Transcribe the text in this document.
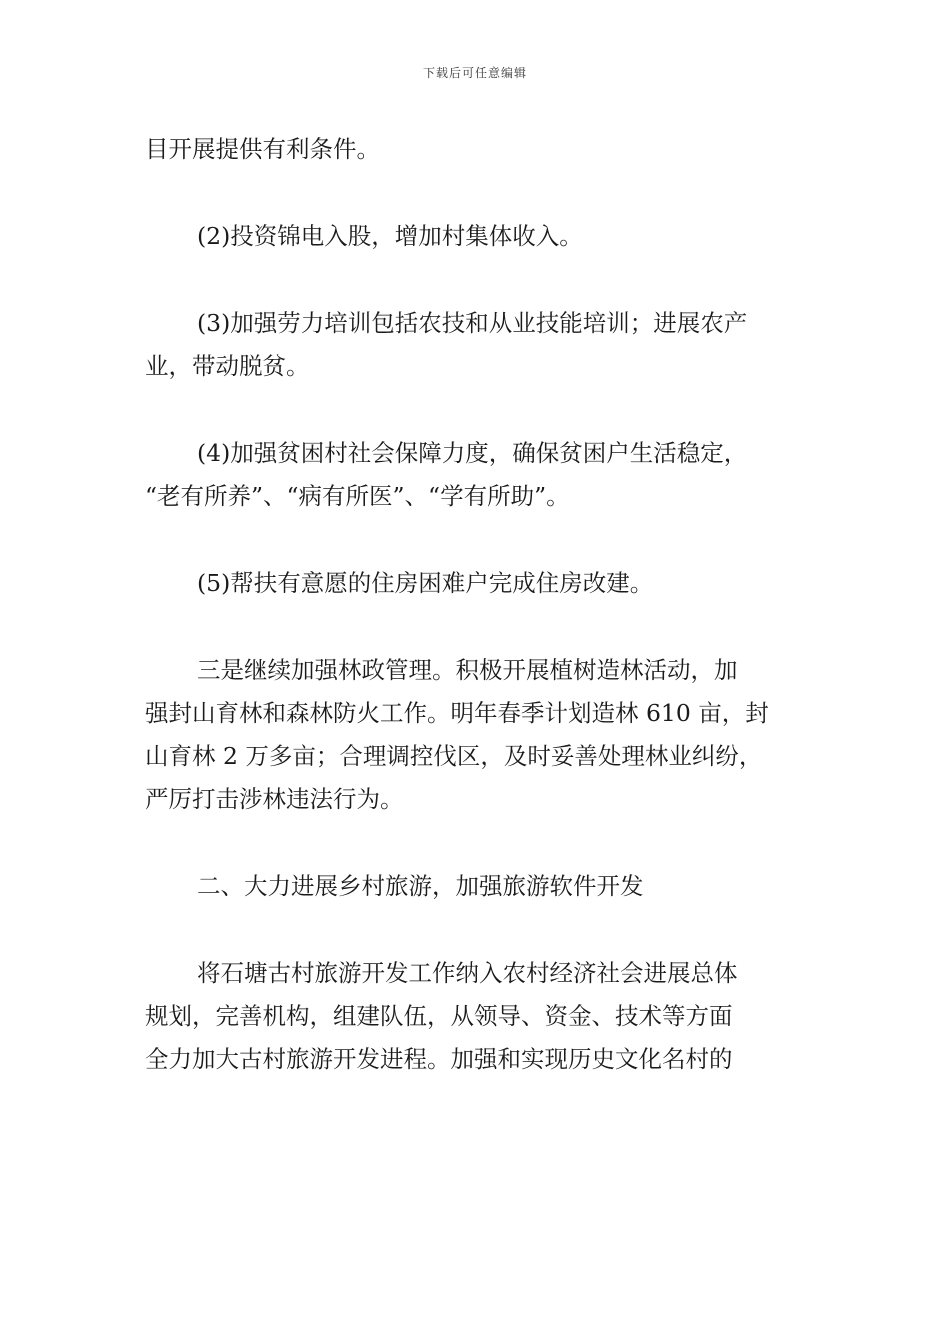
下载后可任意编辑

目开展提供有利条件。

(2)投资锦电入股，增加村集体收入。

(3)加强劳力培训包括农技和从业技能培训；进展农产
业，带动脱贫。

(4)加强贫困村社会保障力度，确保贫困户生活稳定，
“老有所养”、“病有所医”、“学有所助”。

(5)帮扶有意愿的住房困难户完成住房改建。

三是继续加强林政管理。积极开展植树造林活动，加
强封山育林和森林防火工作。明年春季计划造林 610 亩，封
山育林 2 万多亩；合理调控伐区，及时妥善处理林业纠纷，
严厉打击涉林违法行为。

二、大力进展乡村旅游，加强旅游软件开发

将石塘古村旅游开发工作纳入农村经济社会进展总体
规划，完善机构，组建队伍，从领导、资金、技术等方面
全力加大古村旅游开发进程。加强和实现历史文化名村的
